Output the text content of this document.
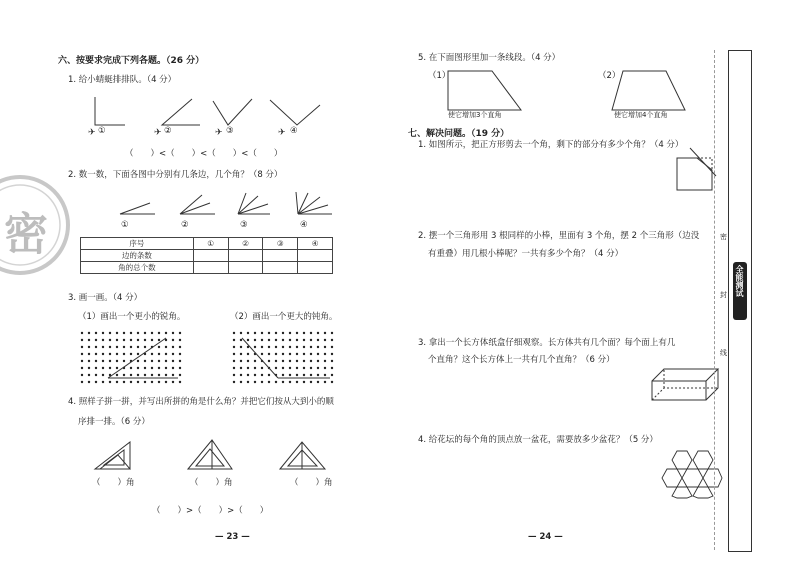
六、按要求完成下列各题。（26 分）
1. 给小蜻蜓排排队。（4 分）
✈	✈	✈	✈
①	②	③	④
（　　）<（　　）<（　　）<（　　）
密
2. 数一数，下面各图中分别有几条边，几个角？（8 分）
①	②	③	④
序号	①	②	③	④
边的条数				
角的总个数				
3. 画一画。（4 分）
（1）画出一个更小的锐角。	（2）画出一个更大的钝角。
4. 照样子拼一拼，并写出所拼的角是什么角？并把它们按从大到小的顺
序排一排。（6 分）
（　　）角	（　　）角	（　　）角
（　　）>（　　）>（　　）
— 23 —
5. 在下面图形里加一条线段。（4 分）
（1）	（2）
使它增加3个直角	使它增加4个直角
七、解决问题。（19 分）
1. 如图所示，把正方形剪去一个角，剩下的部分有多少个角？（4 分）
2. 摆一个三角形用 3 根同样的小棒，里面有 3 个角，摆 2 个三角形（边没
有重叠）用几根小棒呢？一共有多少个角？（4 分）
3. 拿出一个长方体纸盒仔细观察。长方体共有几个面？每个面上有几
个直角？这个长方体上一共有几个直角？（6 分）
4. 给花坛的每个角的顶点放一盆花，需要放多少盆花？（5 分）
— 24 —
密
封
线
全能测试
